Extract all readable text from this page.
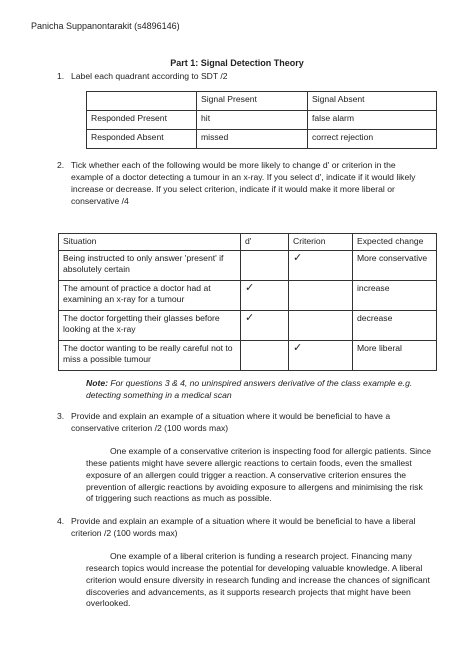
Panicha Suppanontarakit (s4896146)
Part 1: Signal Detection Theory
1. Label each quadrant according to SDT /2
	Signal Present	Signal Absent
Responded Present	hit	false alarm
Responded Absent	missed	correct rejection
2. Tick whether each of the following would be more likely to change d' or criterion in the example of a doctor detecting a tumour in an x-ray. If you select d', indicate if it would likely increase or decrease. If you select criterion, indicate if it would make it more liberal or conservative /4
Situation	d'	Criterion	Expected change
Being instructed to only answer 'present' if absolutely certain		✓	More conservative
The amount of practice a doctor had at examining an x-ray for a tumour	✓		increase
The doctor forgetting their glasses before looking at the x-ray	✓		decrease
The doctor wanting to be really careful not to miss a possible tumour		✓	More liberal
Note: For questions 3 & 4, no uninspired answers derivative of the class example e.g. detecting something in a medical scan
3. Provide and explain an example of a situation where it would be beneficial to have a conservative criterion /2 (100 words max)
One example of a conservative criterion is inspecting food for allergic patients. Since these patients might have severe allergic reactions to certain foods, even the smallest exposure of an allergen could trigger a reaction. A conservative criterion ensures the prevention of allergic reactions by avoiding exposure to allergens and minimising the risk of triggering such reactions as much as possible.
4. Provide and explain an example of a situation where it would be beneficial to have a liberal criterion /2 (100 words max)
One example of a liberal criterion is funding a research project. Financing many research topics would increase the potential for developing valuable knowledge. A liberal criterion would ensure diversity in research funding and increase the chances of significant discoveries and advancements, as it supports research projects that might have been overlooked.
